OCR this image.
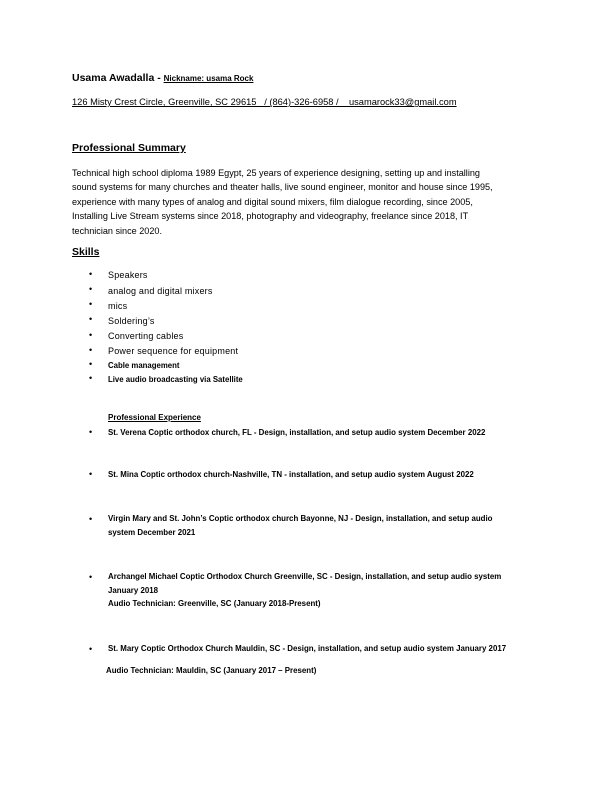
Usama Awadalla - Nickname: usama Rock
126 Misty Crest Circle, Greenville, SC 29615   / (864)-326-6958 /    usamarock33@gmail.com
Professional Summary
Technical high school diploma 1989 Egypt, 25 years of experience designing, setting up and installing
sound systems for many churches and theater halls, live sound engineer, monitor and house since 1995,
experience with many types of analog and digital sound mixers, film dialogue recording, since 2005,
Installing Live Stream systems since 2018, photography and videography, freelance since 2018, IT
technician since 2020.
Skills
• Speakers
• analog and digital mixers
• mics
• Soldering’s
• Converting cables
• Power sequence for equipment
• Cable management
• Live audio broadcasting via Satellite
Professional Experience
• St. Verena Coptic orthodox church, FL - Design, installation, and setup audio system December 2022
• St. Mina Coptic orthodox church-Nashville, TN - installation, and setup audio system August 2022
• Virgin Mary and St. John’s Coptic orthodox church Bayonne, NJ - Design, installation, and setup audio
system December 2021
• Archangel Michael Coptic Orthodox Church Greenville, SC - Design, installation, and setup audio system
January 2018
Audio Technician: Greenville, SC (January 2018-Present)
• St. Mary Coptic Orthodox Church Mauldin, SC - Design, installation, and setup audio system January 2017
Audio Technician: Mauldin, SC (January 2017 – Present)
